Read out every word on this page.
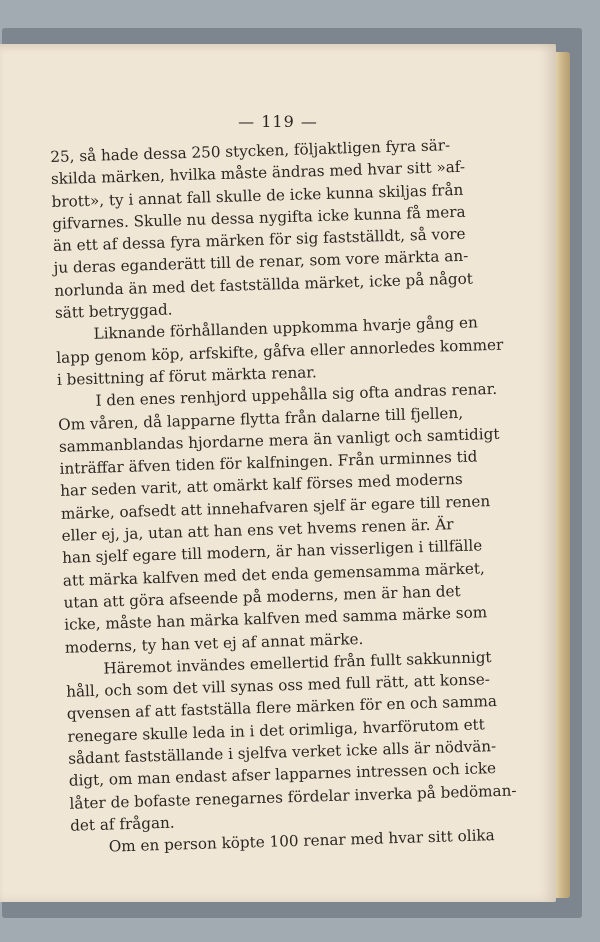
— 119 —
25, så hade dessa 250 stycken, följaktligen fyra sär-
skilda märken, hvilka måste ändras med hvar sitt »af-
brott», ty i annat fall skulle de icke kunna skiljas från
gifvarnes. Skulle nu dessa nygifta icke kunna få mera
än ett af dessa fyra märken för sig fastställdt, så vore
ju deras eganderätt till de renar, som vore märkta an-
norlunda än med det fastställda märket, icke på något
sätt betryggad.
Liknande förhållanden uppkomma hvarje gång en
lapp genom köp, arfskifte, gåfva eller annorledes kommer
i besittning af förut märkta renar.
I den enes renhjord uppehålla sig ofta andras renar.
Om våren, då lapparne flytta från dalarne till fjellen,
sammanblandas hjordarne mera än vanligt och samtidigt
inträffar äfven tiden för kalfningen. Från urminnes tid
har seden varit, att omärkt kalf förses med moderns
märke, oafsedt att innehafvaren sjelf är egare till renen
eller ej, ja, utan att han ens vet hvems renen är. Är
han sjelf egare till modern, är han visserligen i tillfälle
att märka kalfven med det enda gemensamma märket,
utan att göra afseende på moderns, men är han det
icke, måste han märka kalfven med samma märke som
moderns, ty han vet ej af annat märke.
Häremot invändes emellertid från fullt sakkunnigt
håll, och som det vill synas oss med full rätt, att konse-
qvensen af att fastställa flere märken för en och samma
renegare skulle leda in i det orimliga, hvarförutom ett
sådant fastställande i sjelfva verket icke alls är nödvän-
digt, om man endast afser lapparnes intressen och icke
låter de bofaste renegarnes fördelar inverka på bedöman-
det af frågan.
Om en person köpte 100 renar med hvar sitt olika
